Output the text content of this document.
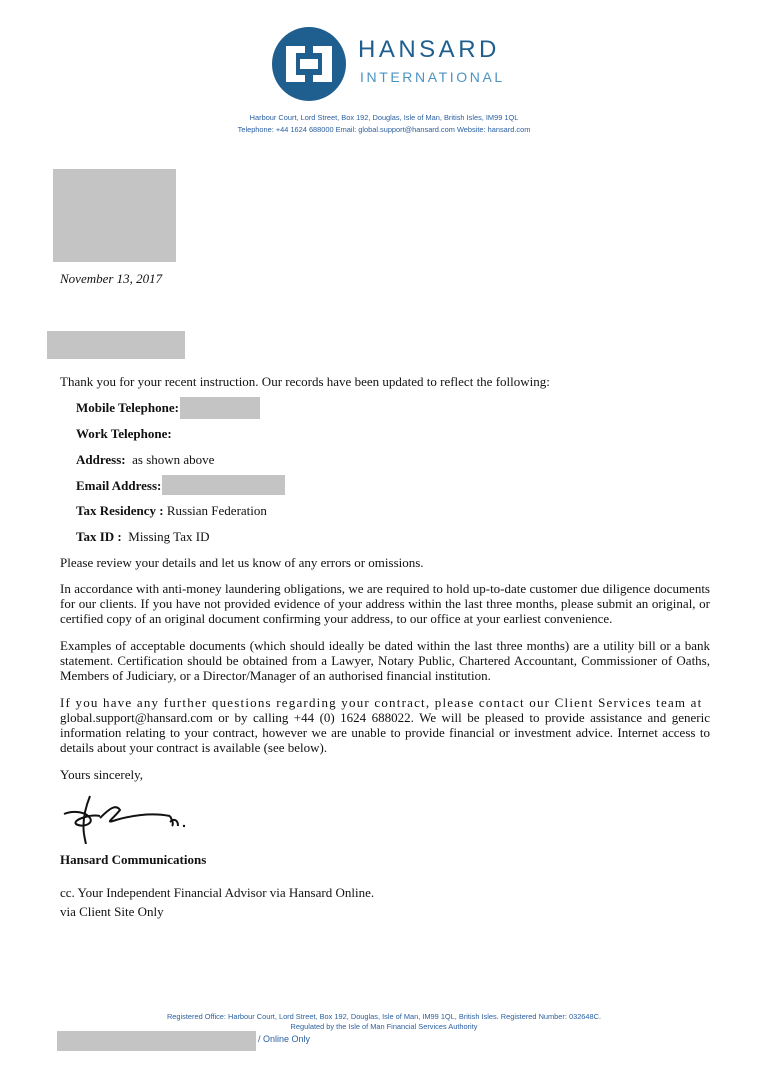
HANSARD
INTERNATIONAL
Harbour Court, Lord Street, Box 192, Douglas, Isle of Man, British Isles, IM99 1QL
Telephone: +44 1624 688000 Email: global.support@hansard.com Website: hansard.com
November 13, 2017
Thank you for your recent instruction. Our records have been updated to reflect the following:
Mobile Telephone:
Work Telephone:
Address: as shown above
Email Address:
Tax Residency : Russian Federation
Tax ID : Missing Tax ID
Please review your details and let us know of any errors or omissions.
In accordance with anti-money laundering obligations, we are required to hold up-to-date customer due diligence documents for our clients. If you have not provided evidence of your address within the last three months, please submit an original, or certified copy of an original document confirming your address, to our office at your earliest convenience.
Examples of acceptable documents (which should ideally be dated within the last three months) are a utility bill or a bank statement. Certification should be obtained from a Lawyer, Notary Public, Chartered Accountant, Commissioner of Oaths, Members of Judiciary, or a Director/Manager of an authorised financial institution.
If you have any further questions regarding your contract, please contact our Client Services team at
global.support@hansard.com or by calling +44 (0) 1624 688022. We will be pleased to provide assistance and generic information relating to your contract, however we are unable to provide financial or investment advice. Internet access to details about your contract is available (see below).
Yours sincerely,
Hansard Communications
cc. Your Independent Financial Advisor via Hansard Online.
via Client Site Only
Registered Office: Harbour Court, Lord Street, Box 192, Douglas, Isle of Man, IM99 1QL, British Isles. Registered Number: 032648C.
Regulated by the Isle of Man Financial Services Authority
/ Online Only
